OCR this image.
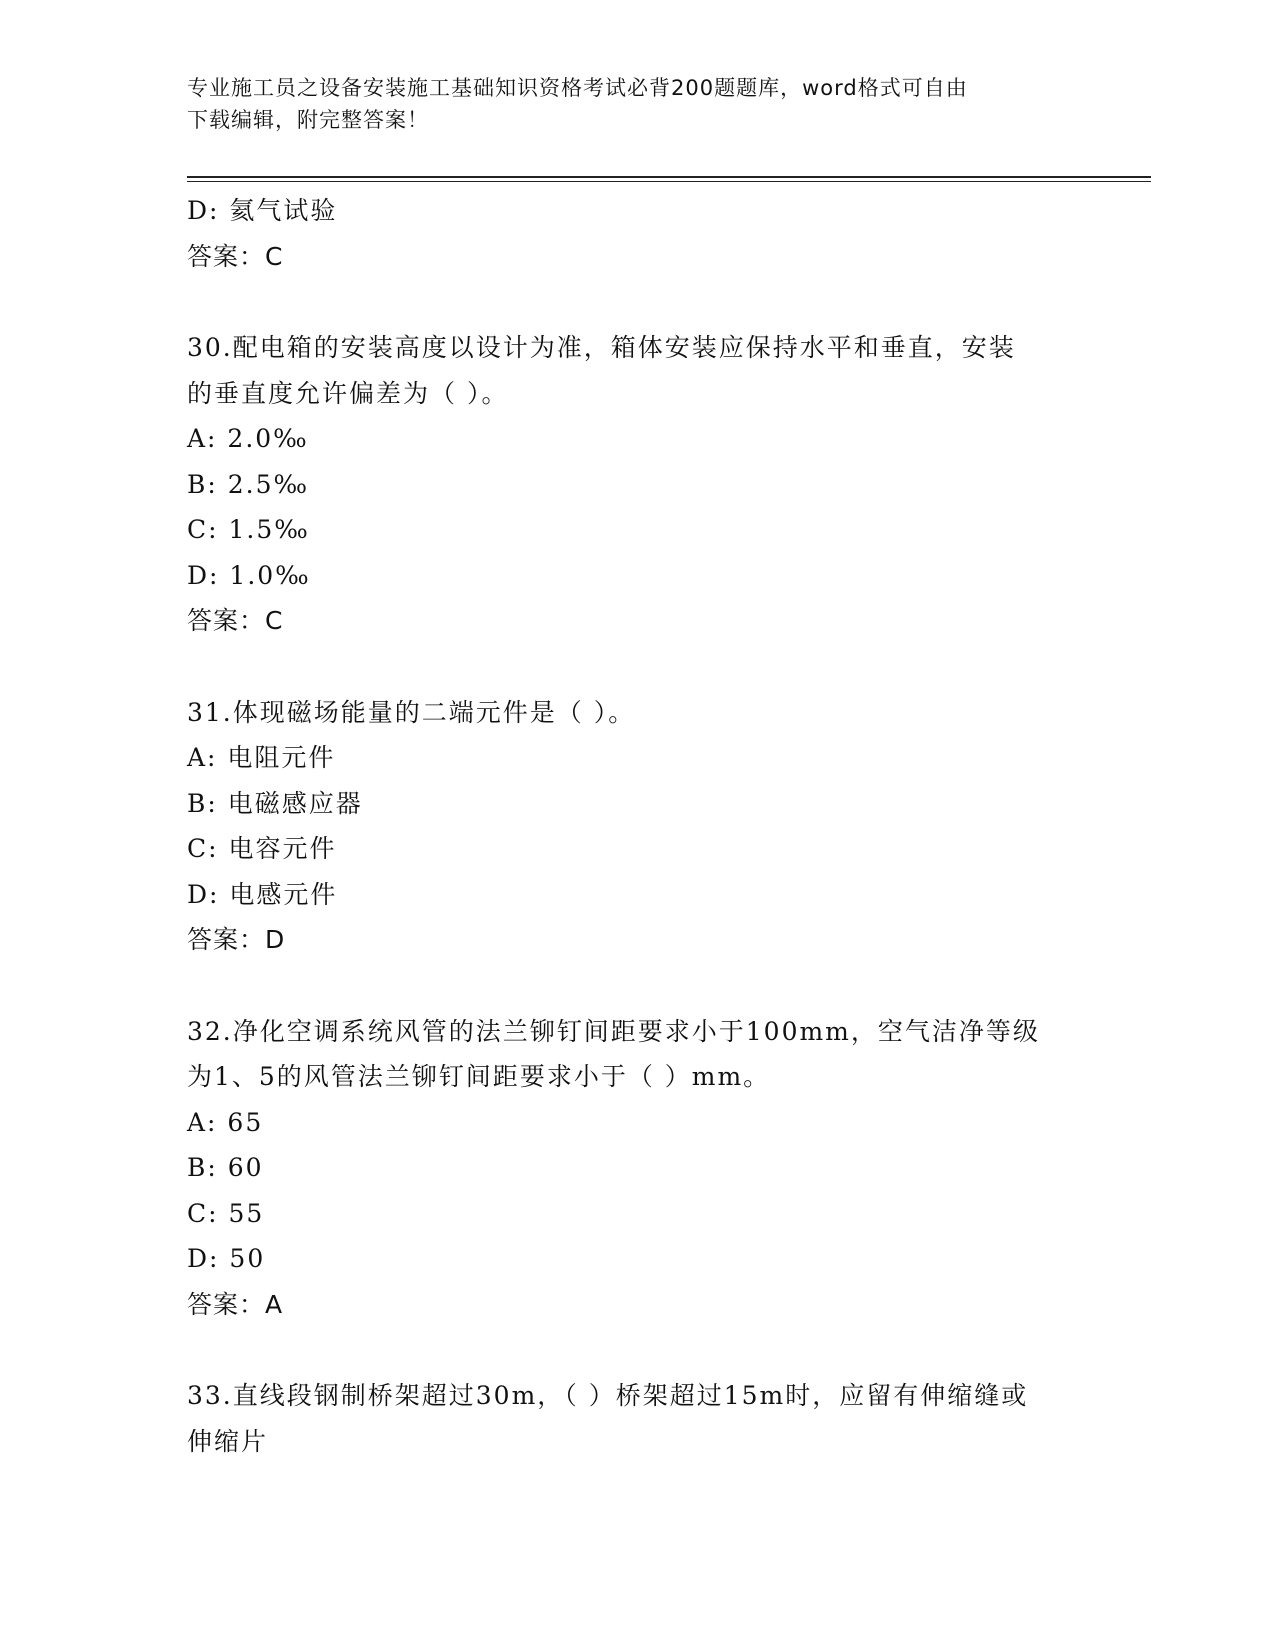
专业施工员之设备安装施工基础知识资格考试必背200题题库，word格式可自由
下载编辑，附完整答案！
D: 氦气试验
答案：C
30.配电箱的安装高度以设计为准，箱体安装应保持水平和垂直，安装
的垂直度允许偏差为（ ）。
A: 2.0‰
B: 2.5‰
C: 1.5‰
D: 1.0‰
答案：C
31.体现磁场能量的二端元件是（ ）。
A: 电阻元件
B: 电磁感应器
C: 电容元件
D: 电感元件
答案：D
32.净化空调系统风管的法兰铆钉间距要求小于100mm，空气洁净等级
为1、5的风管法兰铆钉间距要求小于（ ）mm。
A: 65
B: 60
C: 55
D: 50
答案：A
33.直线段钢制桥架超过30m，（ ）桥架超过15m时，应留有伸缩缝或
伸缩片
